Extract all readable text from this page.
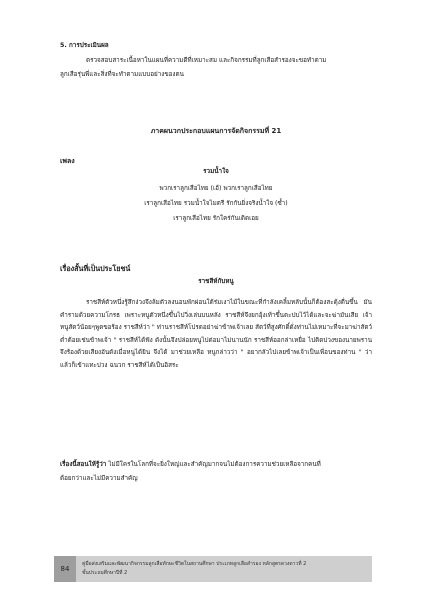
5. การประเมินผล
ตรวจสอบสาระเนื้อหาในแผนที่ความดีที่เหมาะสม และกิจกรรมที่ลูกเสือสำรองจะขอทำตาม
ลูกเสือรุ่นพี่และสิ่งที่จะทำตามแบบอย่างของตน
ภาคผนวกประกอบแผนการจัดกิจกรรมที่ 21
เพลง
รวมน้ำใจ
พวกเราลูกเสือไทย (เฮ้) พวกเราลูกเสือไทย
เราลูกเสือไทย รวมน้ำใจไมตรี รักกันยิ่งจริงน้ำใจ (ซ้ำ)
เราลูกเสือไทย รักใคร่กันเดิดเอย
เรื่องสั้นที่เป็นประโยชน์
ราชสีห์กับหนู
ราชสีห์ตัวหนึ่งรู้สึกง่วงจึงล้มตัวลงนอนพักผ่อนใต้ร่มเงาไม้ในขณะที่กำลังเคลิ้มหลับนั้นก็ต้องสะดุ้งตื่นขึ้น มันคำรามด้วยความโกรธ เพราะหนูตัวหนึ่งขึ้นไปวิ่งเล่นบนหลัง ราชสีห์จึงยกอุ้งเท้าขึ้นตะปบไว้ได้และจะฆ่ามันเสีย เจ้าหนูสัตว์น้อยๆพูดขอร้อง ราชสีห์ว่า " ท่านราชสีห์โปรดอย่าฆ่าข้าพเจ้าเลย สัตว์ที่สูงศักดิ์ดั่งท่านไม่เหมาะที่จะมาฆ่าสัตว์ต่ำต้อยเช่นข้าพเจ้า " ราชสีห์ได้ฟัง ดังนั้นจึงปล่อยหนูไปต่อมาไม่นานนัก ราชสีห์ออกล่าเหยื่อ ไปติดบ่วงของนายพรานจึงร้องด้วยเสียงอันดังเมื่อหนูได้ยิน จึงได้ มาช่วยเหลือ หนูกล่าวว่า " อยากลัวไปเลยข้าพเจ้าเป็นเพื่อนของท่าน " ว่าแล้วก็เข้าแทะบ่วง ฉนวก ราชสีห์ได้เป็นอิสระ
เรื่องนี้สอนให้รู้ว่า ไม่มีใครในโลกที่จะยิ่งใหญ่และสำคัญมากจนไม่ต้องการความช่วยเหลือจากคนที่
ต้อยกว่าและไม่มีความสำคัญ
84
คู่มือส่งเสริมและพัฒนากิจกรรมลูกเสือทักษะชีวิตในสถานศึกษา ประเภทลูกเสือสำรอง หลักสูตรดวงดาวที่ 2
ชั้นประถมศึกษาปีที่ 2
